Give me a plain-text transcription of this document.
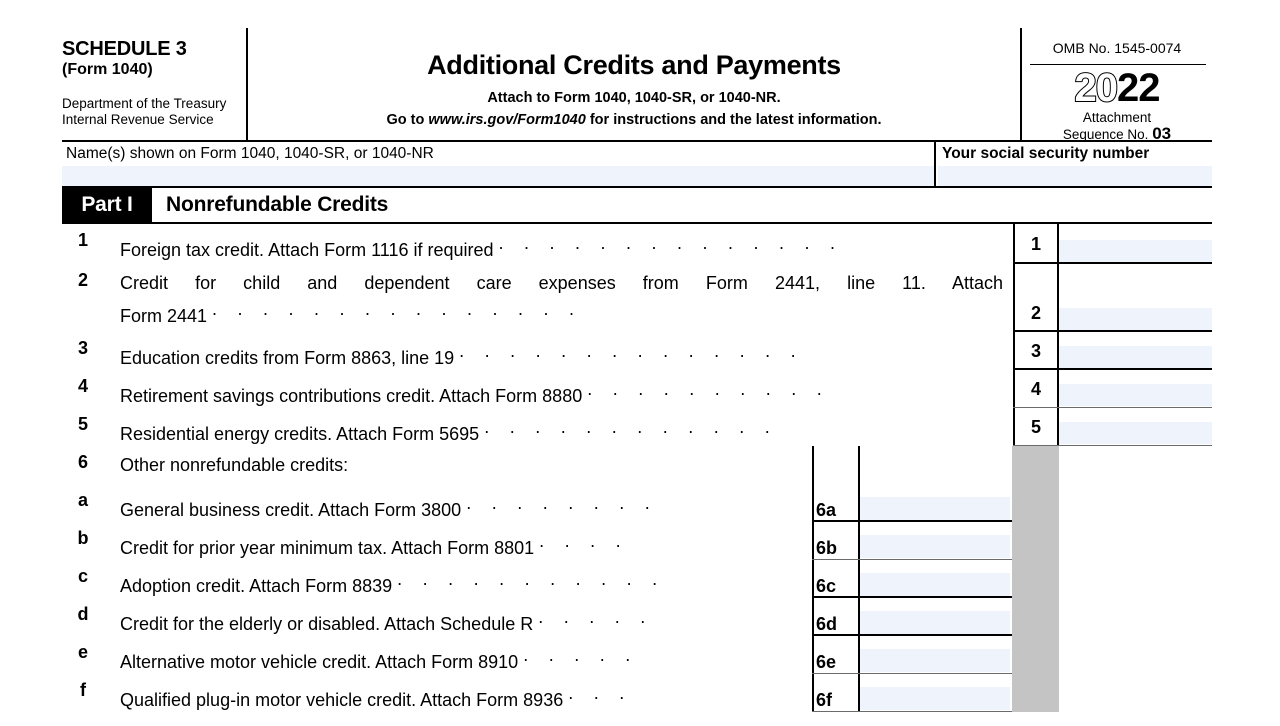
SCHEDULE 3
(Form 1040)
Department of the Treasury
Internal Revenue Service
Additional Credits and Payments
Attach to Form 1040, 1040-SR, or 1040-NR.
Go to www.irs.gov/Form1040 for instructions and the latest information.
OMB No. 1545-0074
2022
Attachment
Sequence No. 03
Name(s) shown on Form 1040, 1040-SR, or 1040-NR	Your social security number
Part I	Nonrefundable Credits
1	Foreign tax credit. Attach Form 1116 if required ..............	1
2	Credit for child and dependent care expenses from Form 2441, line 11. Attach
Form 2441 ...............	2
3	Education credits from Form 8863, line 19 ..............	3
4	Retirement savings contributions credit. Attach Form 8880 ..........	4
5	Residential energy credits. Attach Form 5695 ............	5
6	Other nonrefundable credits:
a	General business credit. Attach Form 3800 ........	6a
b	Credit for prior year minimum tax. Attach Form 8801 ....	6b
c	Adoption credit. Attach Form 8839 ...........	6c
d	Credit for the elderly or disabled. Attach Schedule R .....	6d
e	Alternative motor vehicle credit. Attach Form 8910 .....	6e
f	Qualified plug-in motor vehicle credit. Attach Form 8936 ...	6f
